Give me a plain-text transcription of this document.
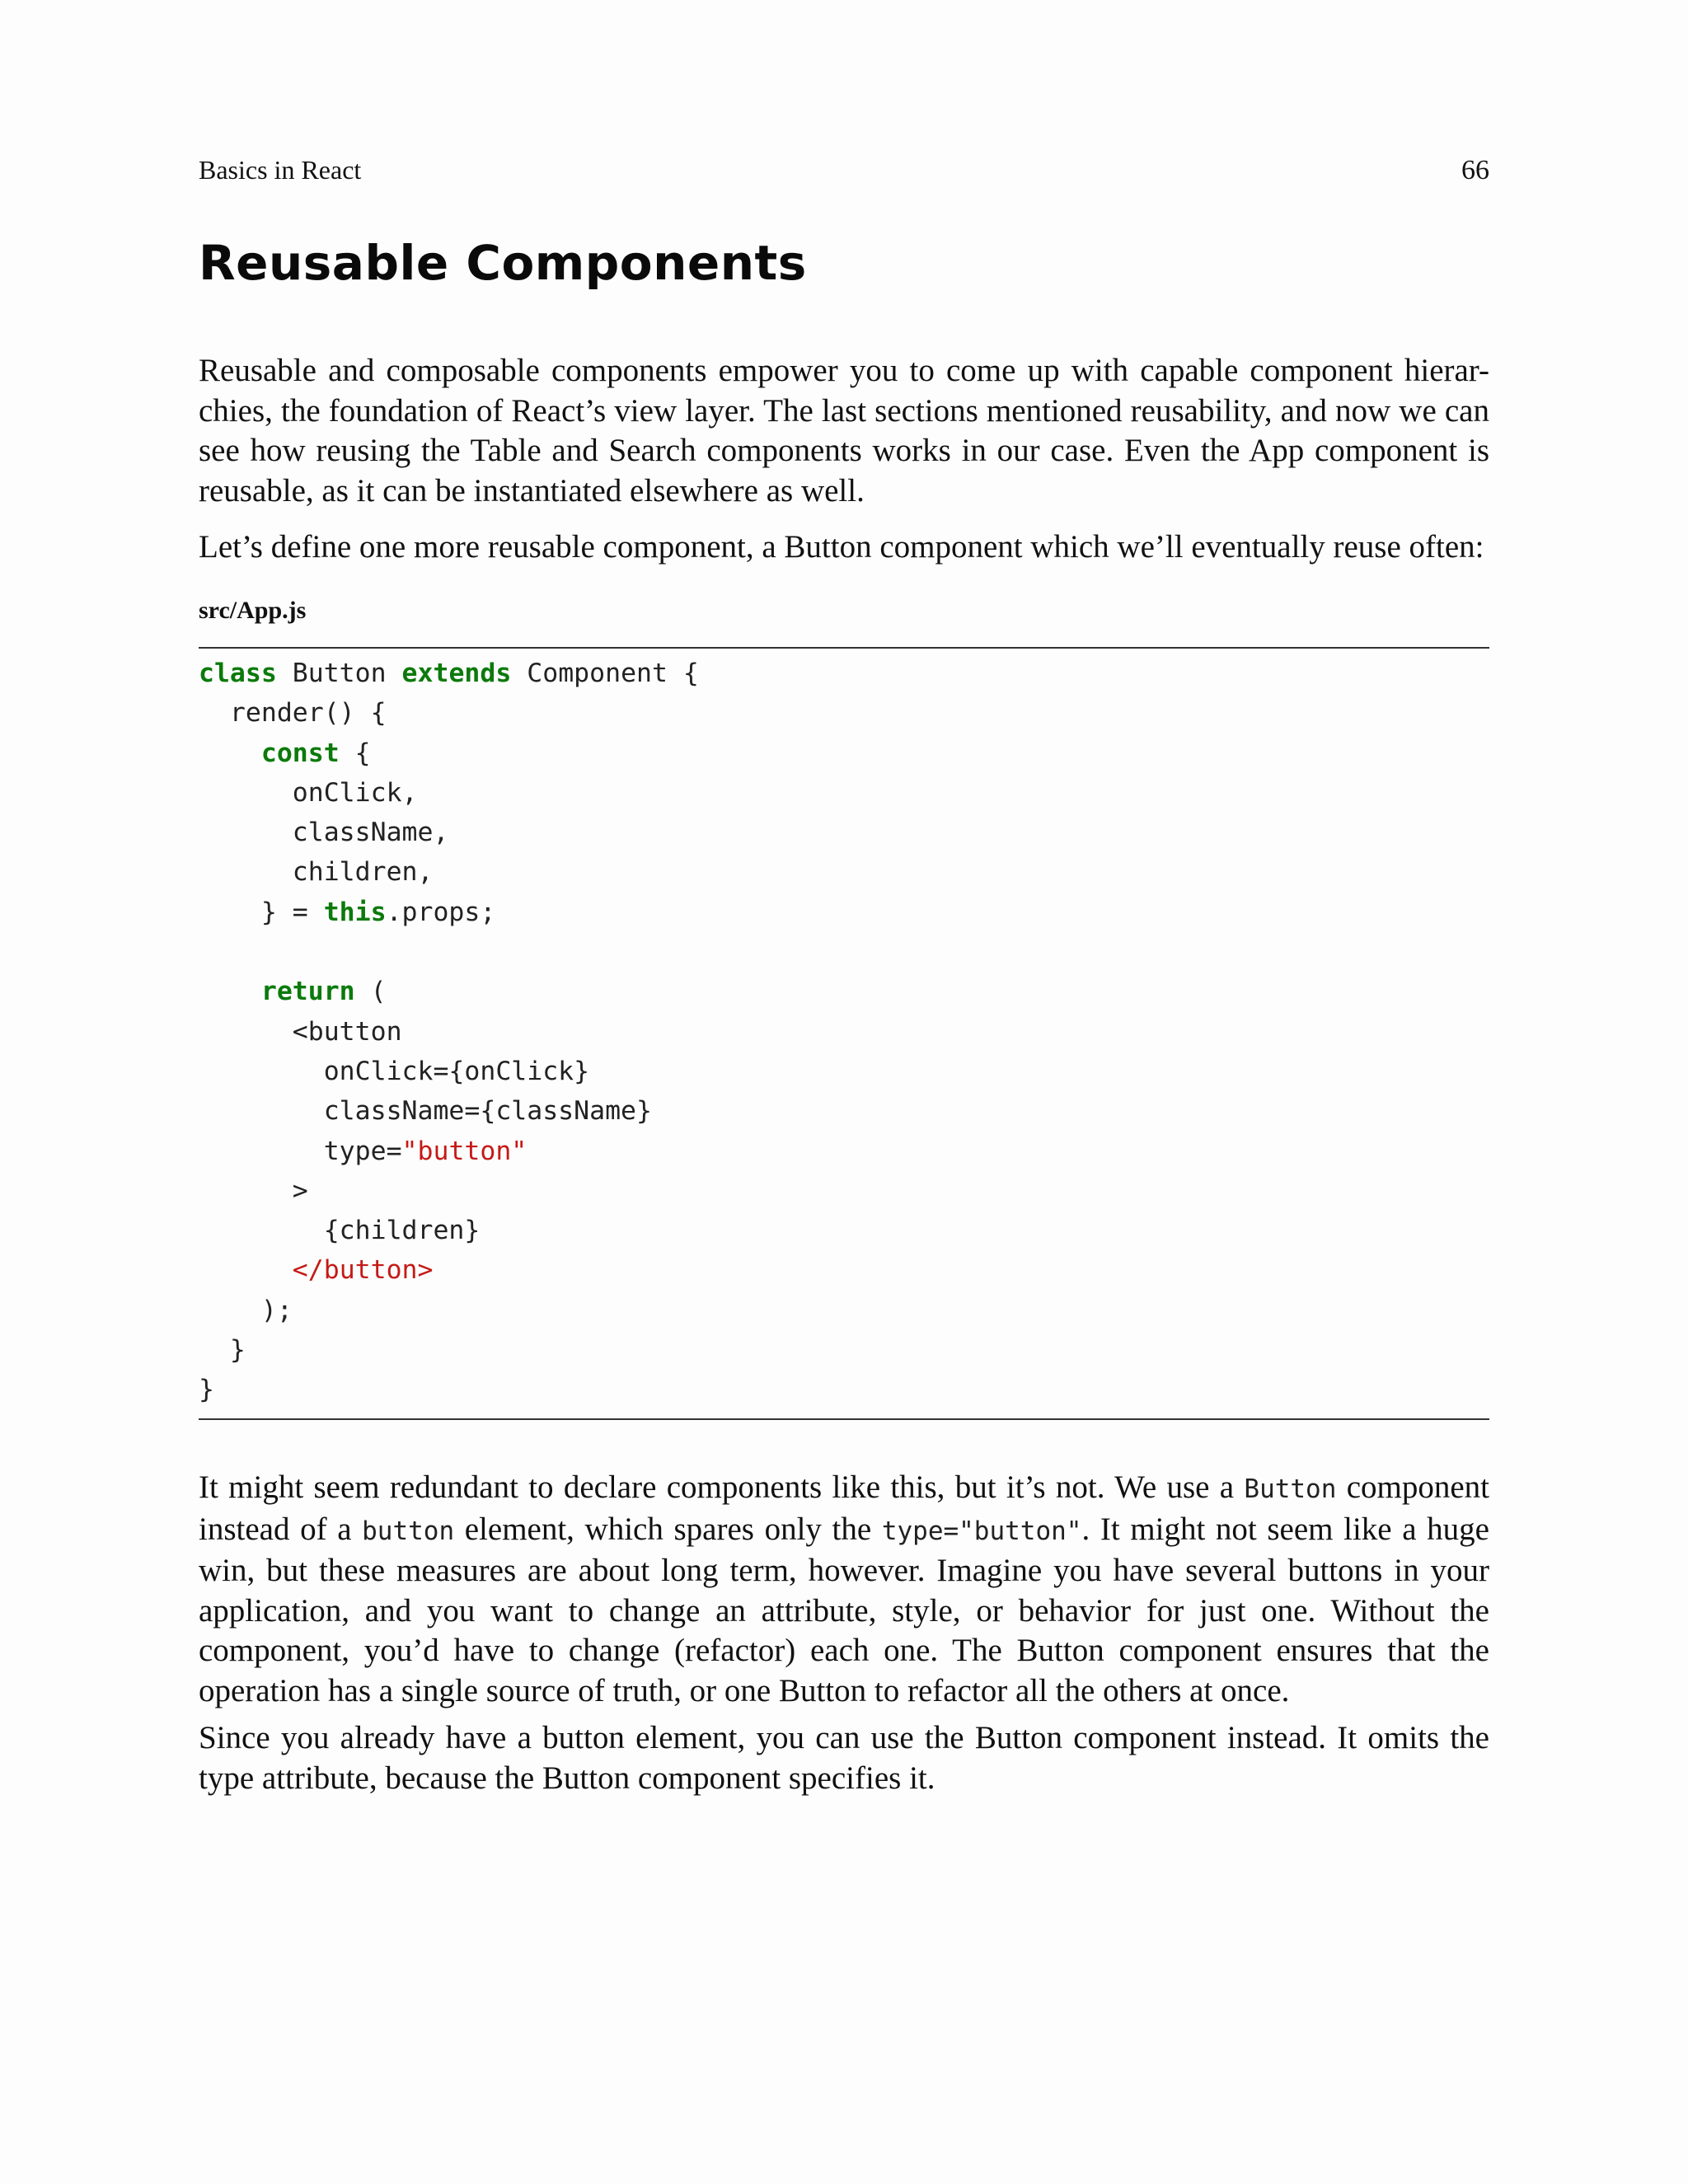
Basics in React	66
Reusable Components

Reusable and composable components empower you to come up with capable component hierar-chies, the foundation of React’s view layer. The last sections mentioned reusability, and now we can see how reusing the Table and Search components works in our case. Even the App component is reusable, as it can be instantiated elsewhere as well.

Let’s define one more reusable component, a Button component which we’ll eventually reuse often:

src/App.js
class Button extends Component {
render() {
const {
onClick,
className,
children,
} = this.props;
return (
<button
onClick={onClick}
className={className}
type="button"
>
{children}
</button>
);
}
}

It might seem redundant to declare components like this, but it’s not. We use a Button component instead of a button element, which spares only the type="button". It might not seem like a huge win, but these measures are about long term, however. Imagine you have several buttons in your application, and you want to change an attribute, style, or behavior for just one. Without the component, you’d have to change (refactor) each one. The Button component ensures that the operation has a single source of truth, or one Button to refactor all the others at once.

Since you already have a button element, you can use the Button component instead. It omits the type attribute, because the Button component specifies it.
